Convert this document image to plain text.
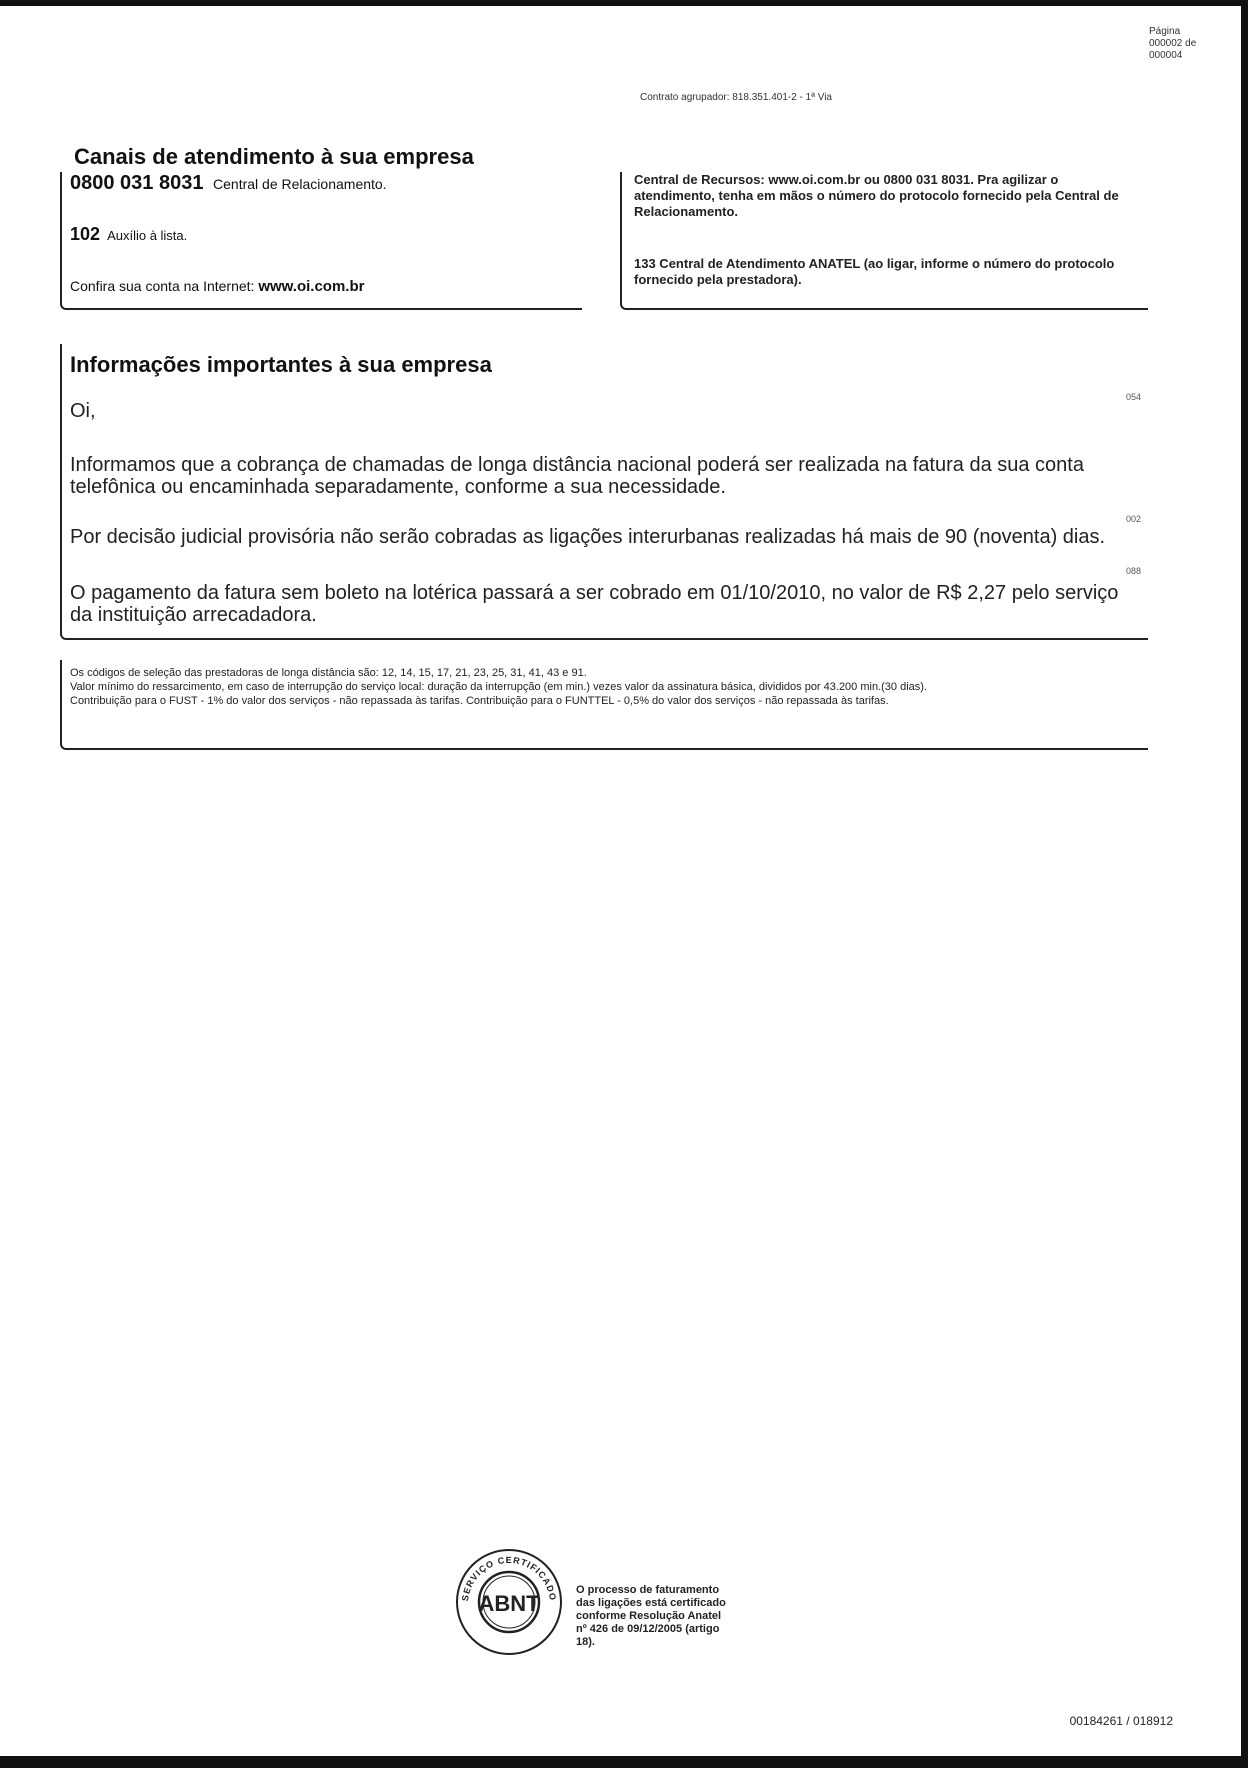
Página 000002 de 000004
Contrato agrupador: 818.351.401-2 - 1ª Via
Canais de atendimento à sua empresa
0800 031 8031 Central de Relacionamento.
102 Auxílio à lista.
Confira sua conta na Internet: www.oi.com.br
Central de Recursos: www.oi.com.br ou 0800 031 8031. Pra agilizar o atendimento, tenha em mãos o número do protocolo fornecido pela Central de Relacionamento.
133 Central de Atendimento ANATEL (ao ligar, informe o número do protocolo fornecido pela prestadora).
Informações importantes à sua empresa
Oi,
054
Informamos que a cobrança de chamadas de longa distância nacional poderá ser realizada na fatura da sua conta telefônica ou encaminhada separadamente, conforme a sua necessidade.
002
Por decisão judicial provisória não serão cobradas as ligações interurbanas realizadas há mais de 90 (noventa) dias.
088
O pagamento da fatura sem boleto na lotérica passará a ser cobrado em 01/10/2010, no valor de R$ 2,27 pelo serviço da instituição arrecadadora.
Os códigos de seleção das prestadoras de longa distância são: 12, 14, 15, 17, 21, 23, 25, 31, 41, 43 e 91.
Valor mínimo do ressarcimento, em caso de interrupção do serviço local: duração da interrupção (em min.) vezes valor da assinatura básica, divididos por 43.200 min.(30 dias).
Contribuição para o FUST - 1% do valor dos serviços - não repassada às tarifas. Contribuição para o FUNTTEL - 0,5% do valor dos serviços - não repassada às tarifas.
SERVIÇO CERTIFICADO
ABNT
O processo de faturamento das ligações está certificado conforme Resolução Anatel nº 426 de 09/12/2005 (artigo 18).
00184261 / 018912
